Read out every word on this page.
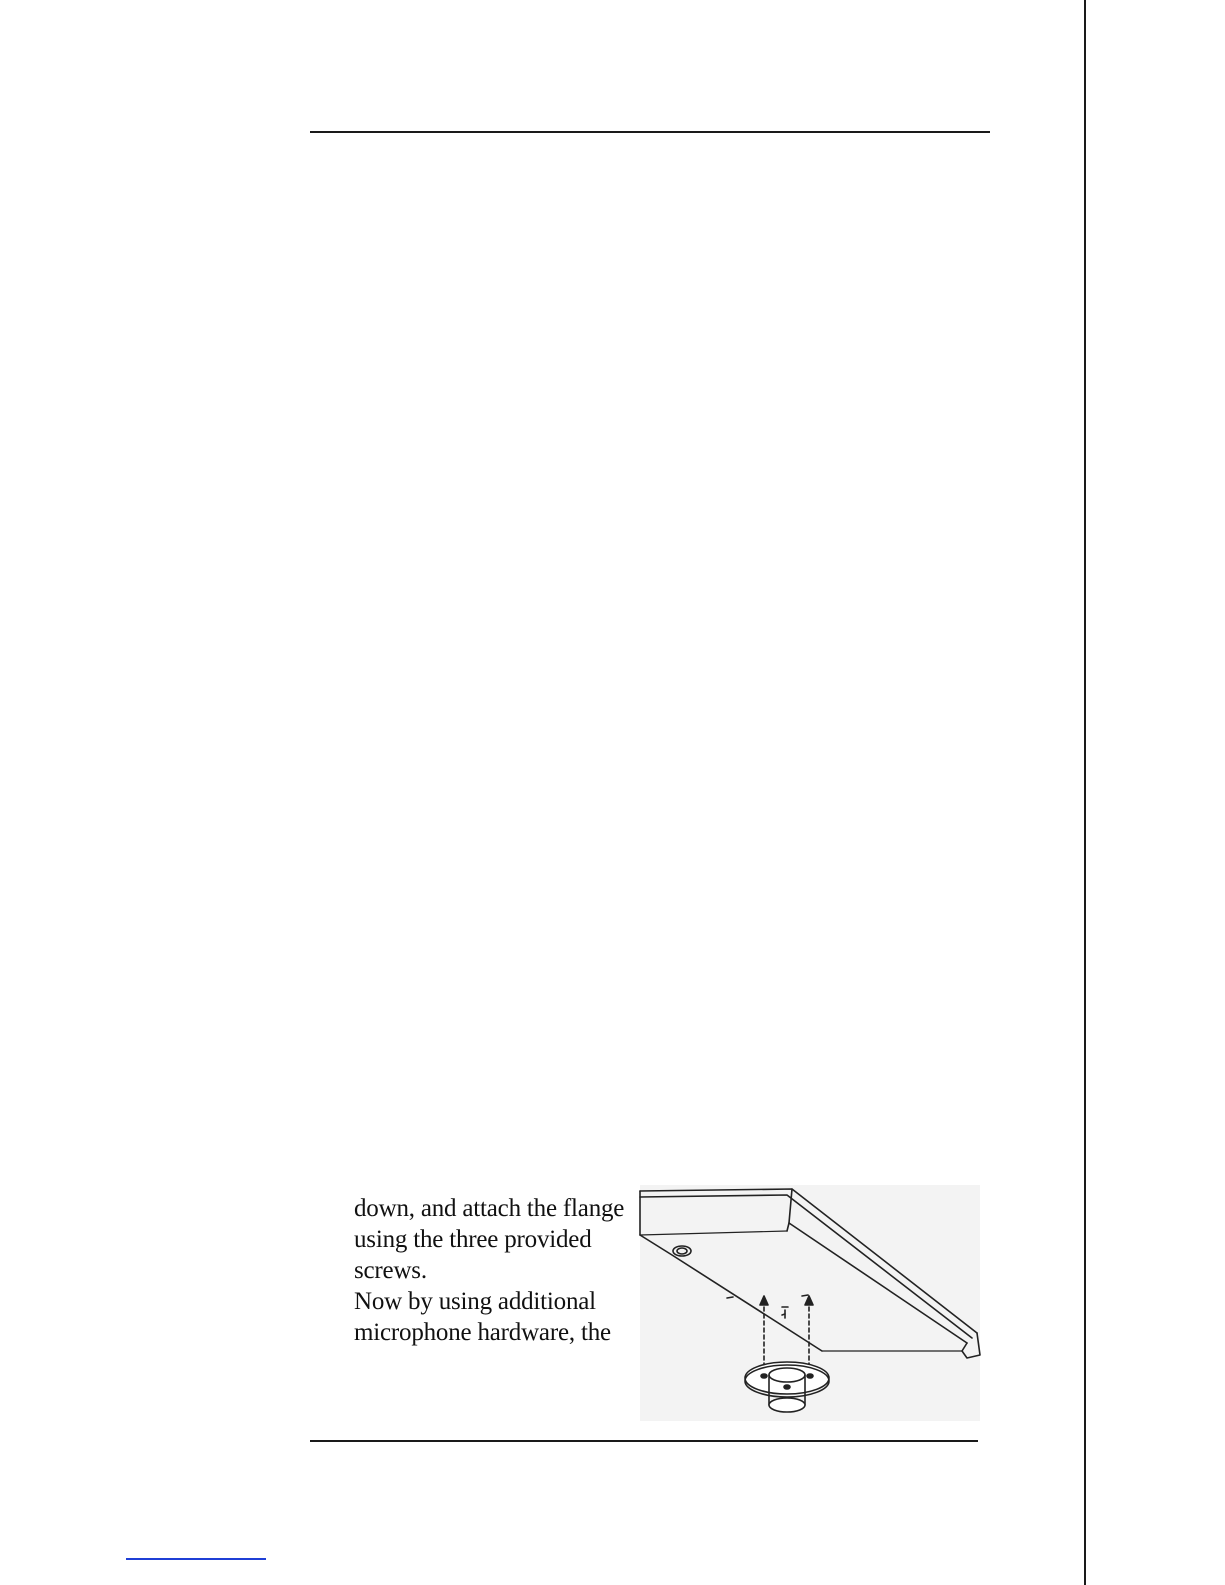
down, and attach the flange
using the three provided
screws.
Now by using additional
microphone hardware, the
